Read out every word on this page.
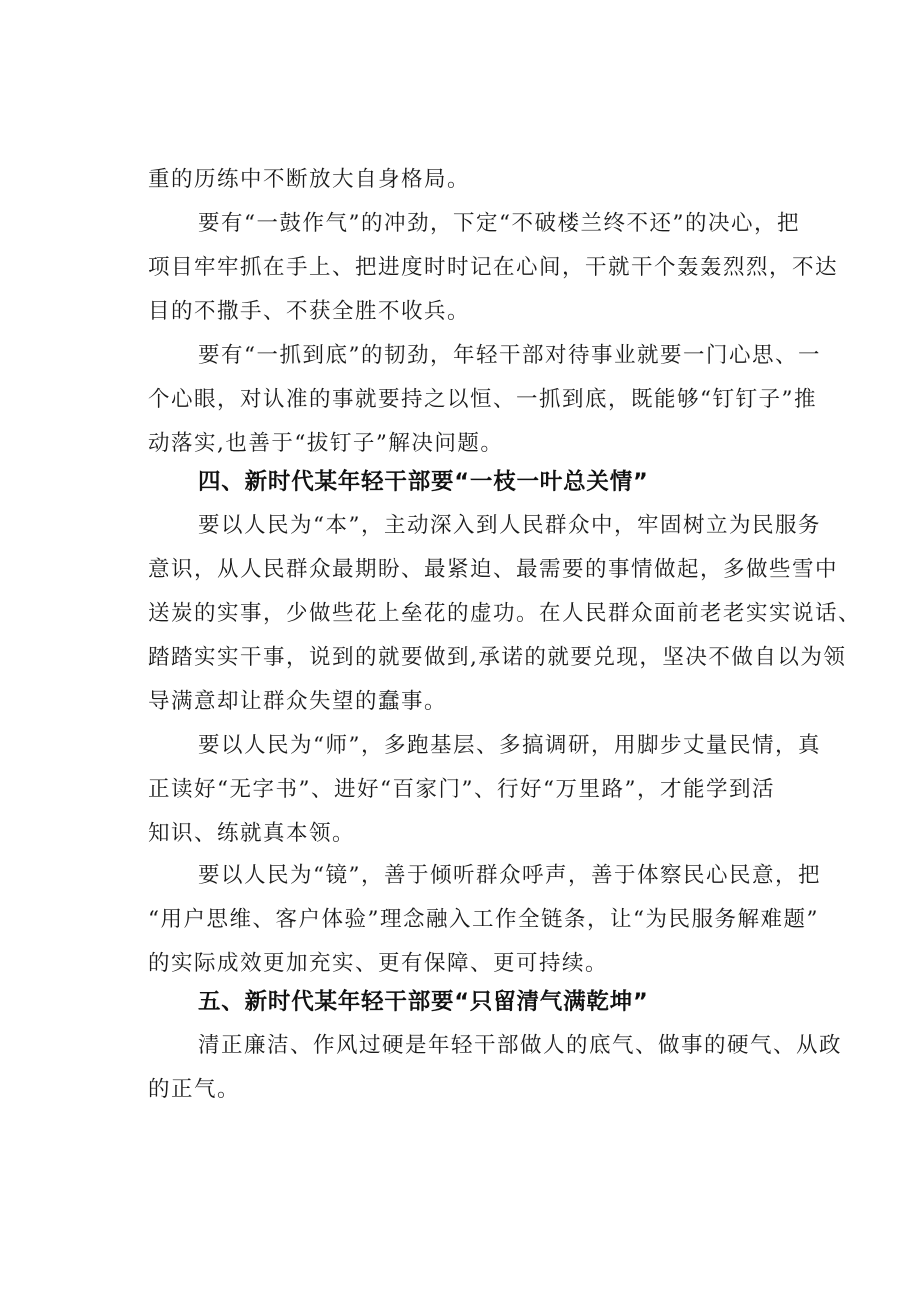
重的历练中不断放大自身格局。
要有“一鼓作气”的冲劲，下定“不破楼兰终不还”的决心，把
项目牢牢抓在手上、把进度时时记在心间，干就干个轰轰烈烈，不达
目的不撒手、不获全胜不收兵。
要有“一抓到底”的韧劲，年轻干部对待事业就要一门心思、一
个心眼，对认准的事就要持之以恒、一抓到底，既能够“钉钉子”推
动落实,也善于“拔钉子”解决问题。
四、新时代某年轻干部要“一枝一叶总关情”
要以人民为“本”，主动深入到人民群众中，牢固树立为民服务
意识，从人民群众最期盼、最紧迫、最需要的事情做起，多做些雪中
送炭的实事，少做些花上垒花的虚功。在人民群众面前老老实实说话、
踏踏实实干事，说到的就要做到,承诺的就要兑现，坚决不做自以为领
导满意却让群众失望的蠢事。
要以人民为“师”，多跑基层、多搞调研，用脚步丈量民情，真
正读好“无字书”、进好“百家门”、行好“万里路”，才能学到活
知识、练就真本领。
要以人民为“镜”，善于倾听群众呼声，善于体察民心民意，把
“用户思维、客户体验”理念融入工作全链条，让“为民服务解难题”
的实际成效更加充实、更有保障、更可持续。
五、新时代某年轻干部要“只留清气满乾坤”
清正廉洁、作风过硬是年轻干部做人的底气、做事的硬气、从政
的正气。
